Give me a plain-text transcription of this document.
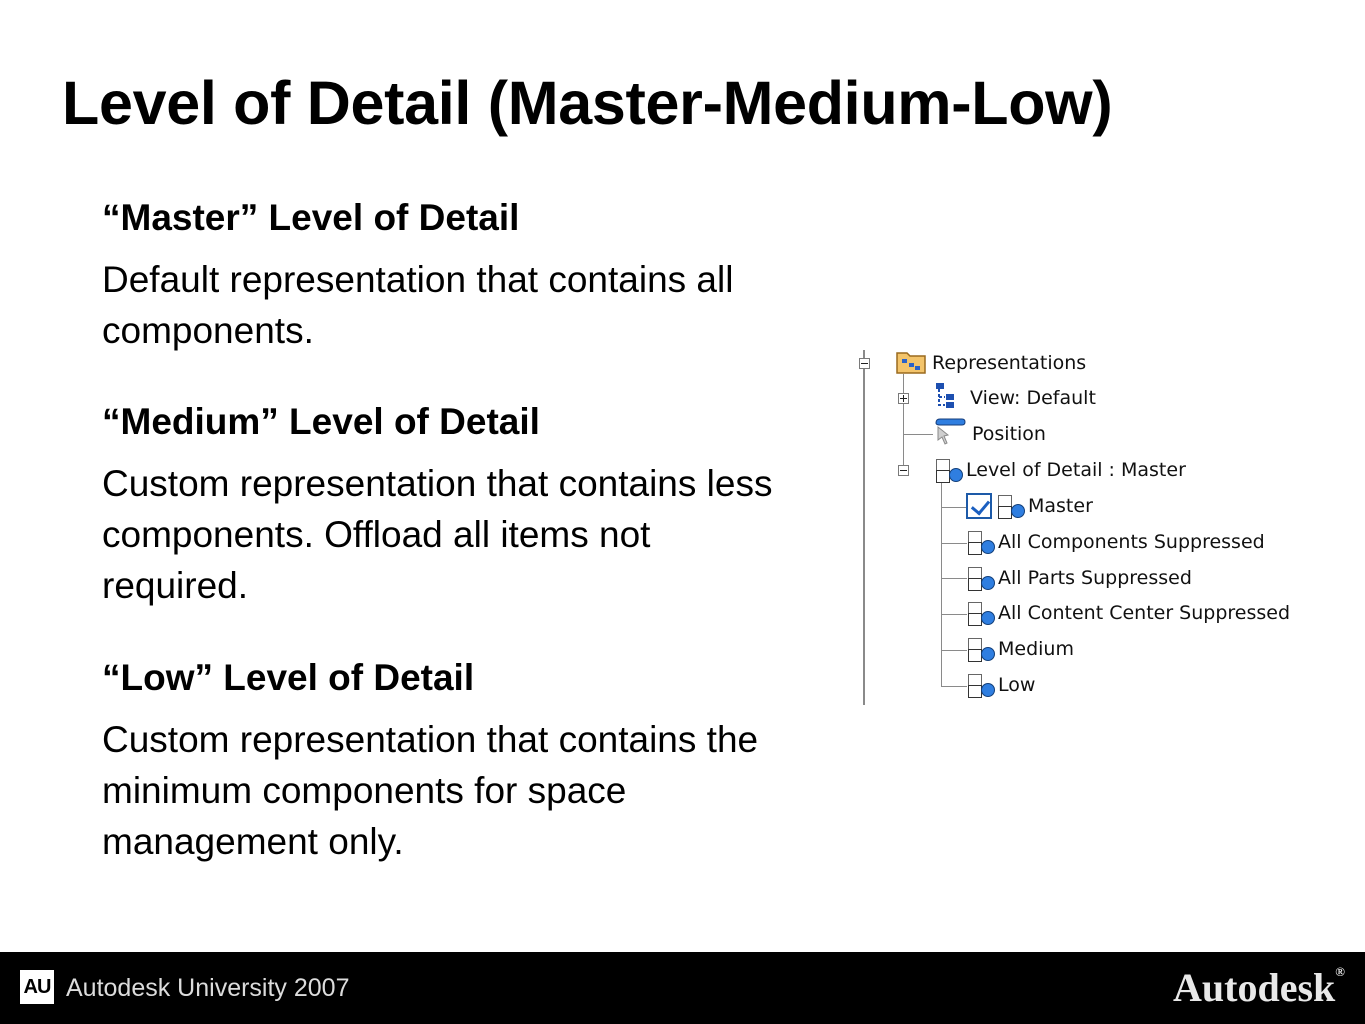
Level of Detail (Master-Medium-Low)

“Master” Level of Detail

Default representation that contains all components.

“Medium” Level of Detail

Custom representation that contains less components. Offload all items not required.

“Low” Level of Detail

Custom representation that contains the minimum components for space management only.

Representations
View: Default
Position
Level of Detail : Master
Master
All Components Suppressed
All Parts Suppressed
All Content Center Suppressed
Medium
Low
AU Autodesk University 2007	Autodesk®
